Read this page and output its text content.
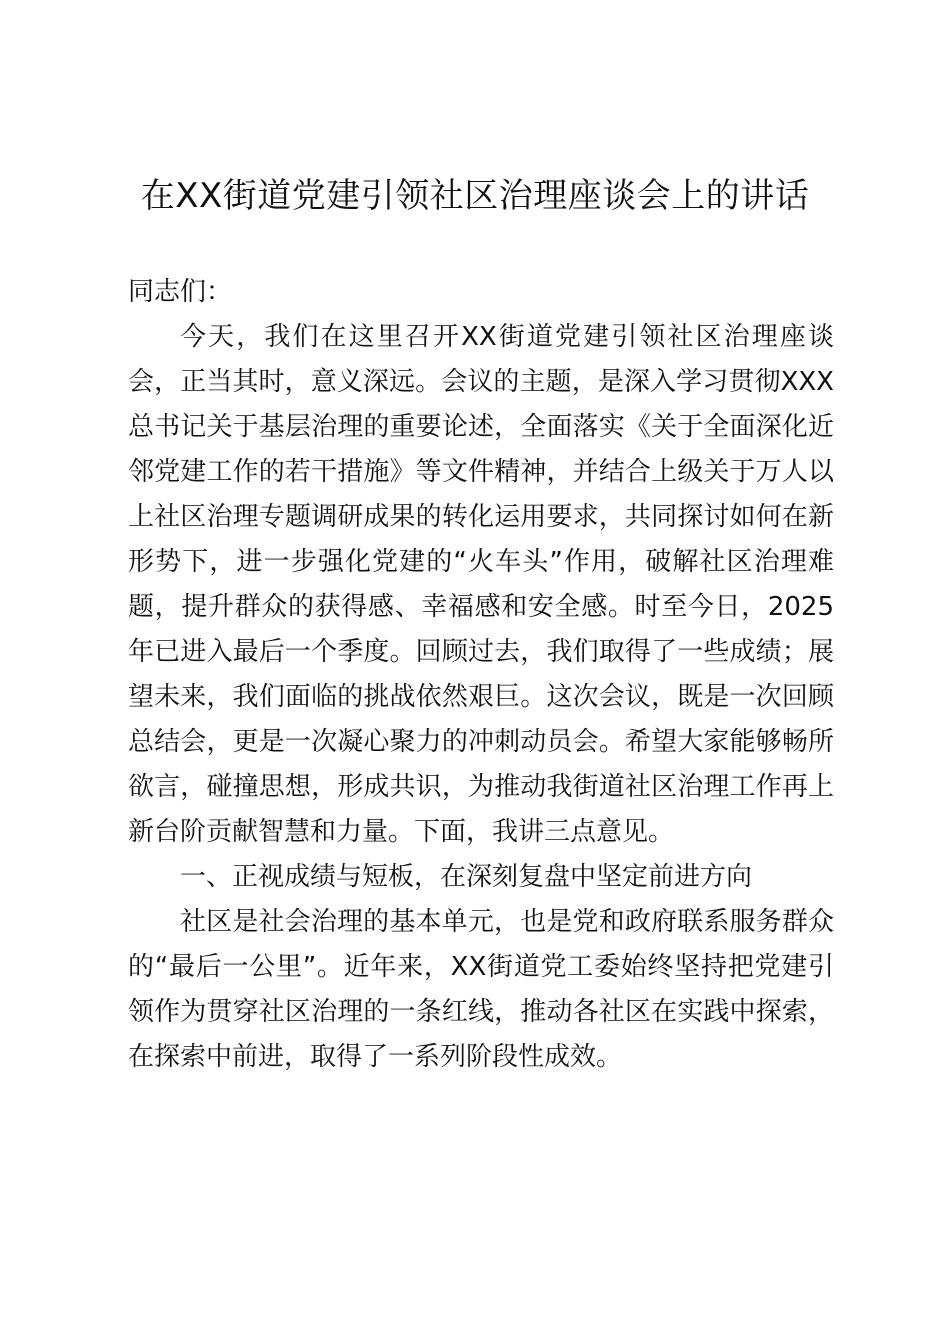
在XX街道党建引领社区治理座谈会上的讲话

同志们：

今天，我们在这里召开XX街道党建引领社区治理座谈会，正当其时，意义深远。会议的主题，是深入学习贯彻XXX总书记关于基层治理的重要论述，全面落实《关于全面深化近邻党建工作的若干措施》等文件精神，并结合上级关于万人以上社区治理专题调研成果的转化运用要求，共同探讨如何在新形势下，进一步强化党建的“火车头”作用，破解社区治理难题，提升群众的获得感、幸福感和安全感。时至今日，2025年已进入最后一个季度。回顾过去，我们取得了一些成绩；展望未来，我们面临的挑战依然艰巨。这次会议，既是一次回顾总结会，更是一次凝心聚力的冲刺动员会。希望大家能够畅所欲言，碰撞思想，形成共识，为推动我街道社区治理工作再上新台阶贡献智慧和力量。下面，我讲三点意见。

一、正视成绩与短板，在深刻复盘中坚定前进方向

社区是社会治理的基本单元，也是党和政府联系服务群众的“最后一公里”。近年来，XX街道党工委始终坚持把党建引领作为贯穿社区治理的一条红线，推动各社区在实践中探索，在探索中前进，取得了一系列阶段性成效。
